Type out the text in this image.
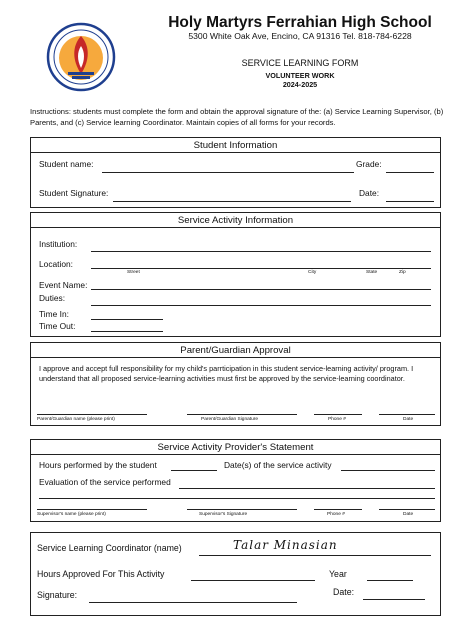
Holy Martyrs Ferrahian High School
5300 White Oak Ave, Encino, CA 91316 Tel. 818-784-6228
SERVICE LEARNING FORM
VOLUNTEER WORK
2024-2025
Instructions: students must complete the form and obtain the approval signature of the: (a) Service Learning Supervisor, (b) Parents, and (c) Service learning Coordinator. Maintain copies of all forms for your records.
Student Information
Student name:	Grade:
Student Signature:	Date:
Service Activity Information
Institution:
Location:
Street	City	State	Zip
Event Name:
Duties:
Time In:
Time Out:
Parent/Guardian Approval
I approve and accept full responsibility for my child's parrticipation in this student service-learning activity/ program. I understand that all proposed service-learning activities must first be approved by the service-learning coordinator.
Parent/Guardian name (please print)	Parent/Guardian Signature	Phone #	Date
Service Activity Provider's Statement
Hours performed by the student	Date(s) of the service activity
Evaluation of the service performed
Supervisor's name (please print)	Supervisor's Signature	Phone #	Date
Service Learning Coordinator (name)	Talar Minasian
Hours Approved For This Activity	Year
Signature:	Date:
